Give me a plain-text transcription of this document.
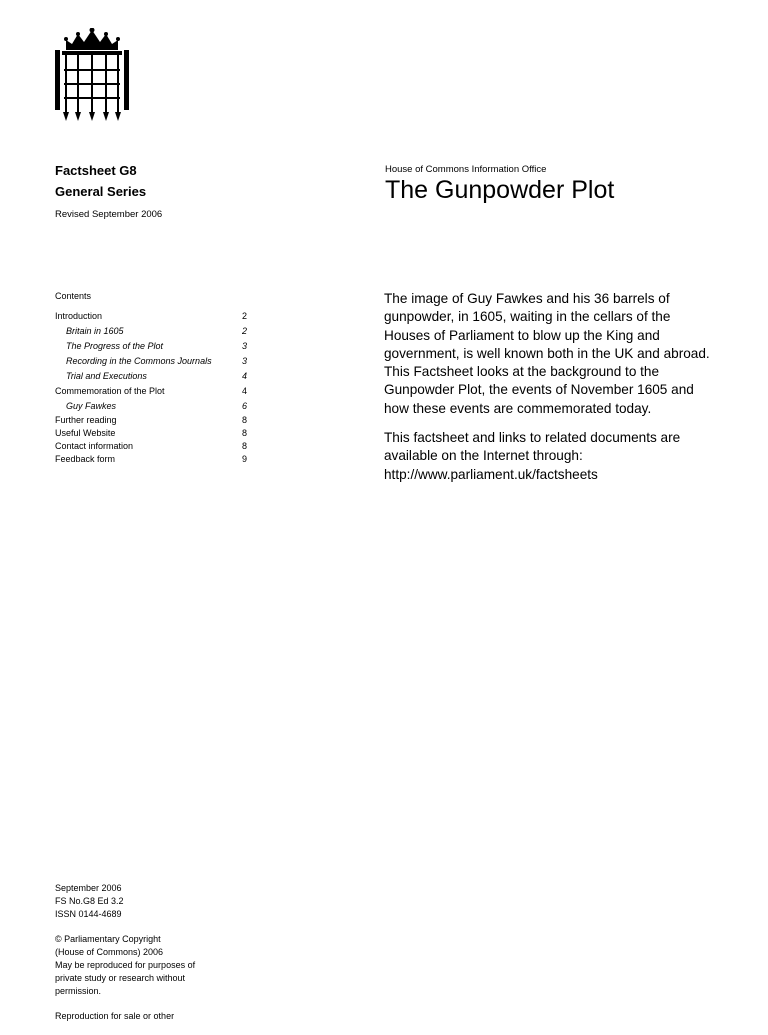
Factsheet G8
General Series
Revised September 2006
House of Commons Information Office
The Gunpowder Plot
Contents
Introduction	2
Britain in 1605	2
The Progress of the Plot	3
Recording in the Commons Journals	3
Trial and Executions	4
Commemoration of the Plot	4
Guy Fawkes	6
Further reading	8
Useful Website	8
Contact information	8
Feedback form	9

The image of Guy Fawkes and his 36 barrels of gunpowder, in 1605, waiting in the cellars of the Houses of Parliament to blow up the King and government, is well known both in the UK and abroad. This Factsheet looks at the background to the Gunpowder Plot, the events of November 1605 and how these events are commemorated today.

This factsheet and links to related documents are available on the Internet through:
http://www.parliament.uk/factsheets

September 2006
FS No.G8 Ed 3.2
ISSN 0144-4689

© Parliamentary Copyright
(House of Commons) 2006
May be reproduced for purposes of
private study or research without
permission.

Reproduction for sale or other
